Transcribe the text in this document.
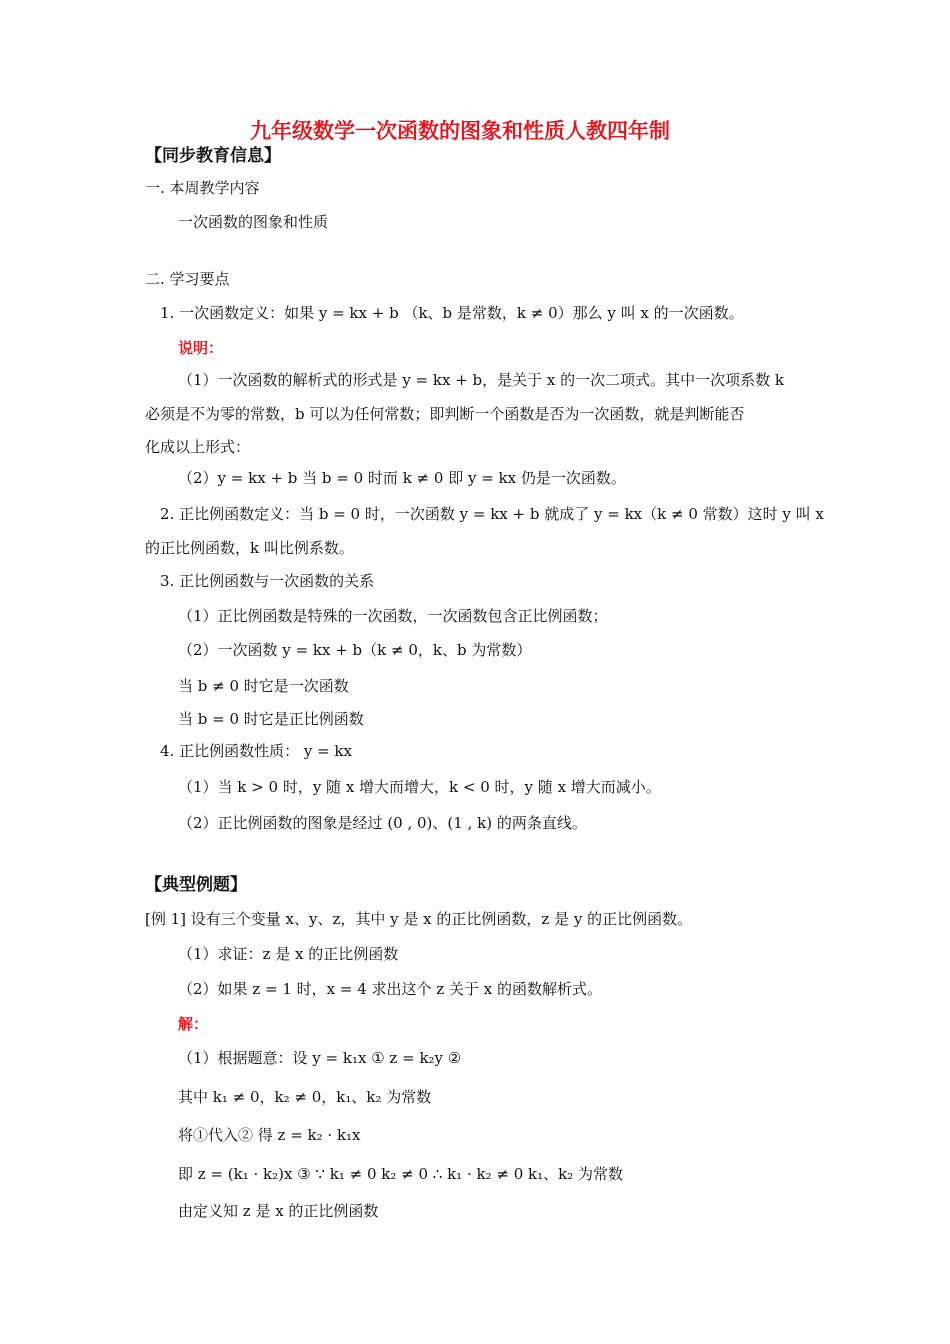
九年级数学一次函数的图象和性质人教四年制
【同步教育信息】
一. 本周教学内容
一次函数的图象和性质
二. 学习要点
1. 一次函数定义：如果 y = kx + b （k、b 是常数，k ≠ 0）那么 y 叫 x 的一次函数。
说明：
（1）一次函数的解析式的形式是 y = kx + b，是关于 x 的一次二项式。其中一次项系数 k
必须是不为零的常数，b 可以为任何常数；即判断一个函数是否为一次函数，就是判断能否
化成以上形式：
（2）y = kx + b 当 b = 0 时而 k ≠ 0 即 y = kx 仍是一次函数。
2. 正比例函数定义：当 b = 0 时，一次函数 y = kx + b 就成了 y = kx（k ≠ 0 常数）这时 y 叫 x
的正比例函数，k 叫比例系数。
3. 正比例函数与一次函数的关系
（1）正比例函数是特殊的一次函数，一次函数包含正比例函数；
（2）一次函数 y = kx + b（k ≠ 0，k、b 为常数）
当 b ≠ 0 时它是一次函数
当 b = 0 时它是正比例函数
4. 正比例函数性质： y = kx
（1）当 k > 0 时，y 随 x 增大而增大，k < 0 时，y 随 x 增大而减小。
（2）正比例函数的图象是经过 (0 , 0)、(1 , k) 的两条直线。
【典型例题】
[例 1] 设有三个变量 x、y、z，其中 y 是 x 的正比例函数，z 是 y 的正比例函数。
（1）求证：z 是 x 的正比例函数
（2）如果 z = 1 时，x = 4 求出这个 z 关于 x 的函数解析式。
解：
（1）根据题意：设 y = k₁x ① z = k₂y ②
其中 k₁ ≠ 0，k₂ ≠ 0，k₁、k₂ 为常数
将①代入② 得 z = k₂ · k₁x
即 z = (k₁ · k₂)x ③ ∵ k₁ ≠ 0 k₂ ≠ 0 ∴ k₁ · k₂ ≠ 0 k₁、k₂ 为常数
由定义知 z 是 x 的正比例函数
